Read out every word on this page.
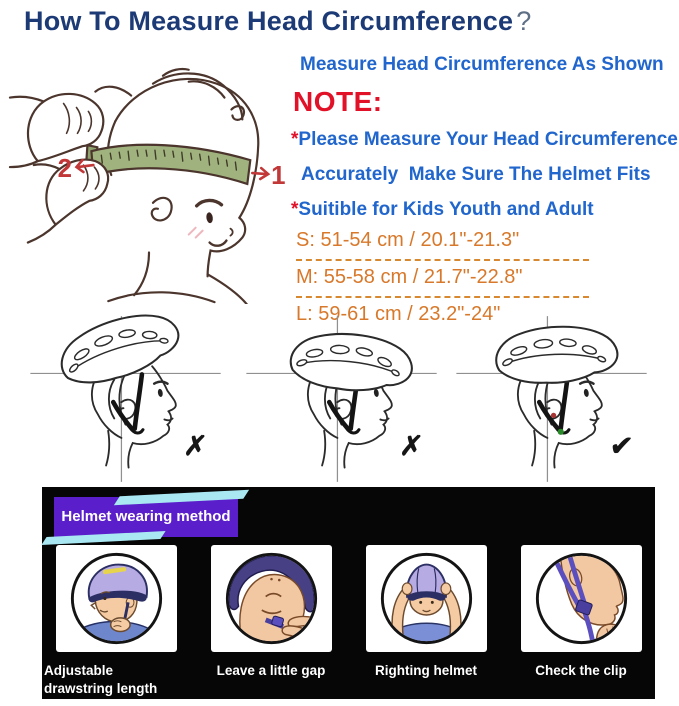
How To Measure Head Circumference ?
2	1
Measure Head Circumference As Shown
NOTE:
*Please Measure Your Head Circumference
Accurately  Make Sure The Helmet Fits
*Suitible for Kids Youth and Adult
S: 51-54 cm / 20.1"-21.3"
M: 55-58 cm / 21.7"-22.8"
L: 59-61 cm / 23.2"-24"
✗	✗	✔
Helmet wearing method
Adjustable drawstring length
Leave a little gap	Righting helmet	Check the clip
